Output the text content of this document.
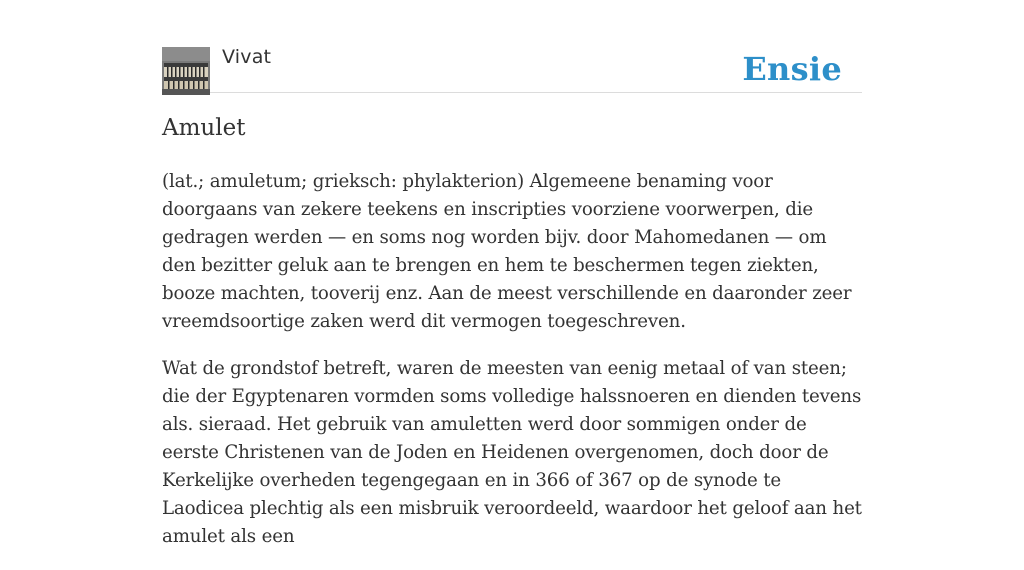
Vivat	Ensie
Amulet

(lat.; amuletum; grieksch: phylakterion) Algemeene benaming voor doorgaans van zekere teekens en inscripties voorziene voorwerpen, die gedragen werden — en soms nog worden bijv. door Mahomedanen — om den bezitter geluk aan te brengen en hem te beschermen tegen ziekten, booze machten, tooverij enz. Aan de meest verschillende en daaronder zeer vreemdsoortige zaken werd dit vermogen toegeschreven.

Wat de grondstof betreft, waren de meesten van eenig metaal of van steen; die der Egyptenaren vormden soms volledige halssnoeren en dienden tevens als. sieraad. Het gebruik van amuletten werd door sommigen onder de eerste Christenen van de Joden en Heidenen overgenomen, doch door de Kerkelijke overheden tegengegaan en in 366 of 367 op de synode te Laodicea plechtig als een misbruik veroordeeld, waardoor het geloof aan het amulet als een
